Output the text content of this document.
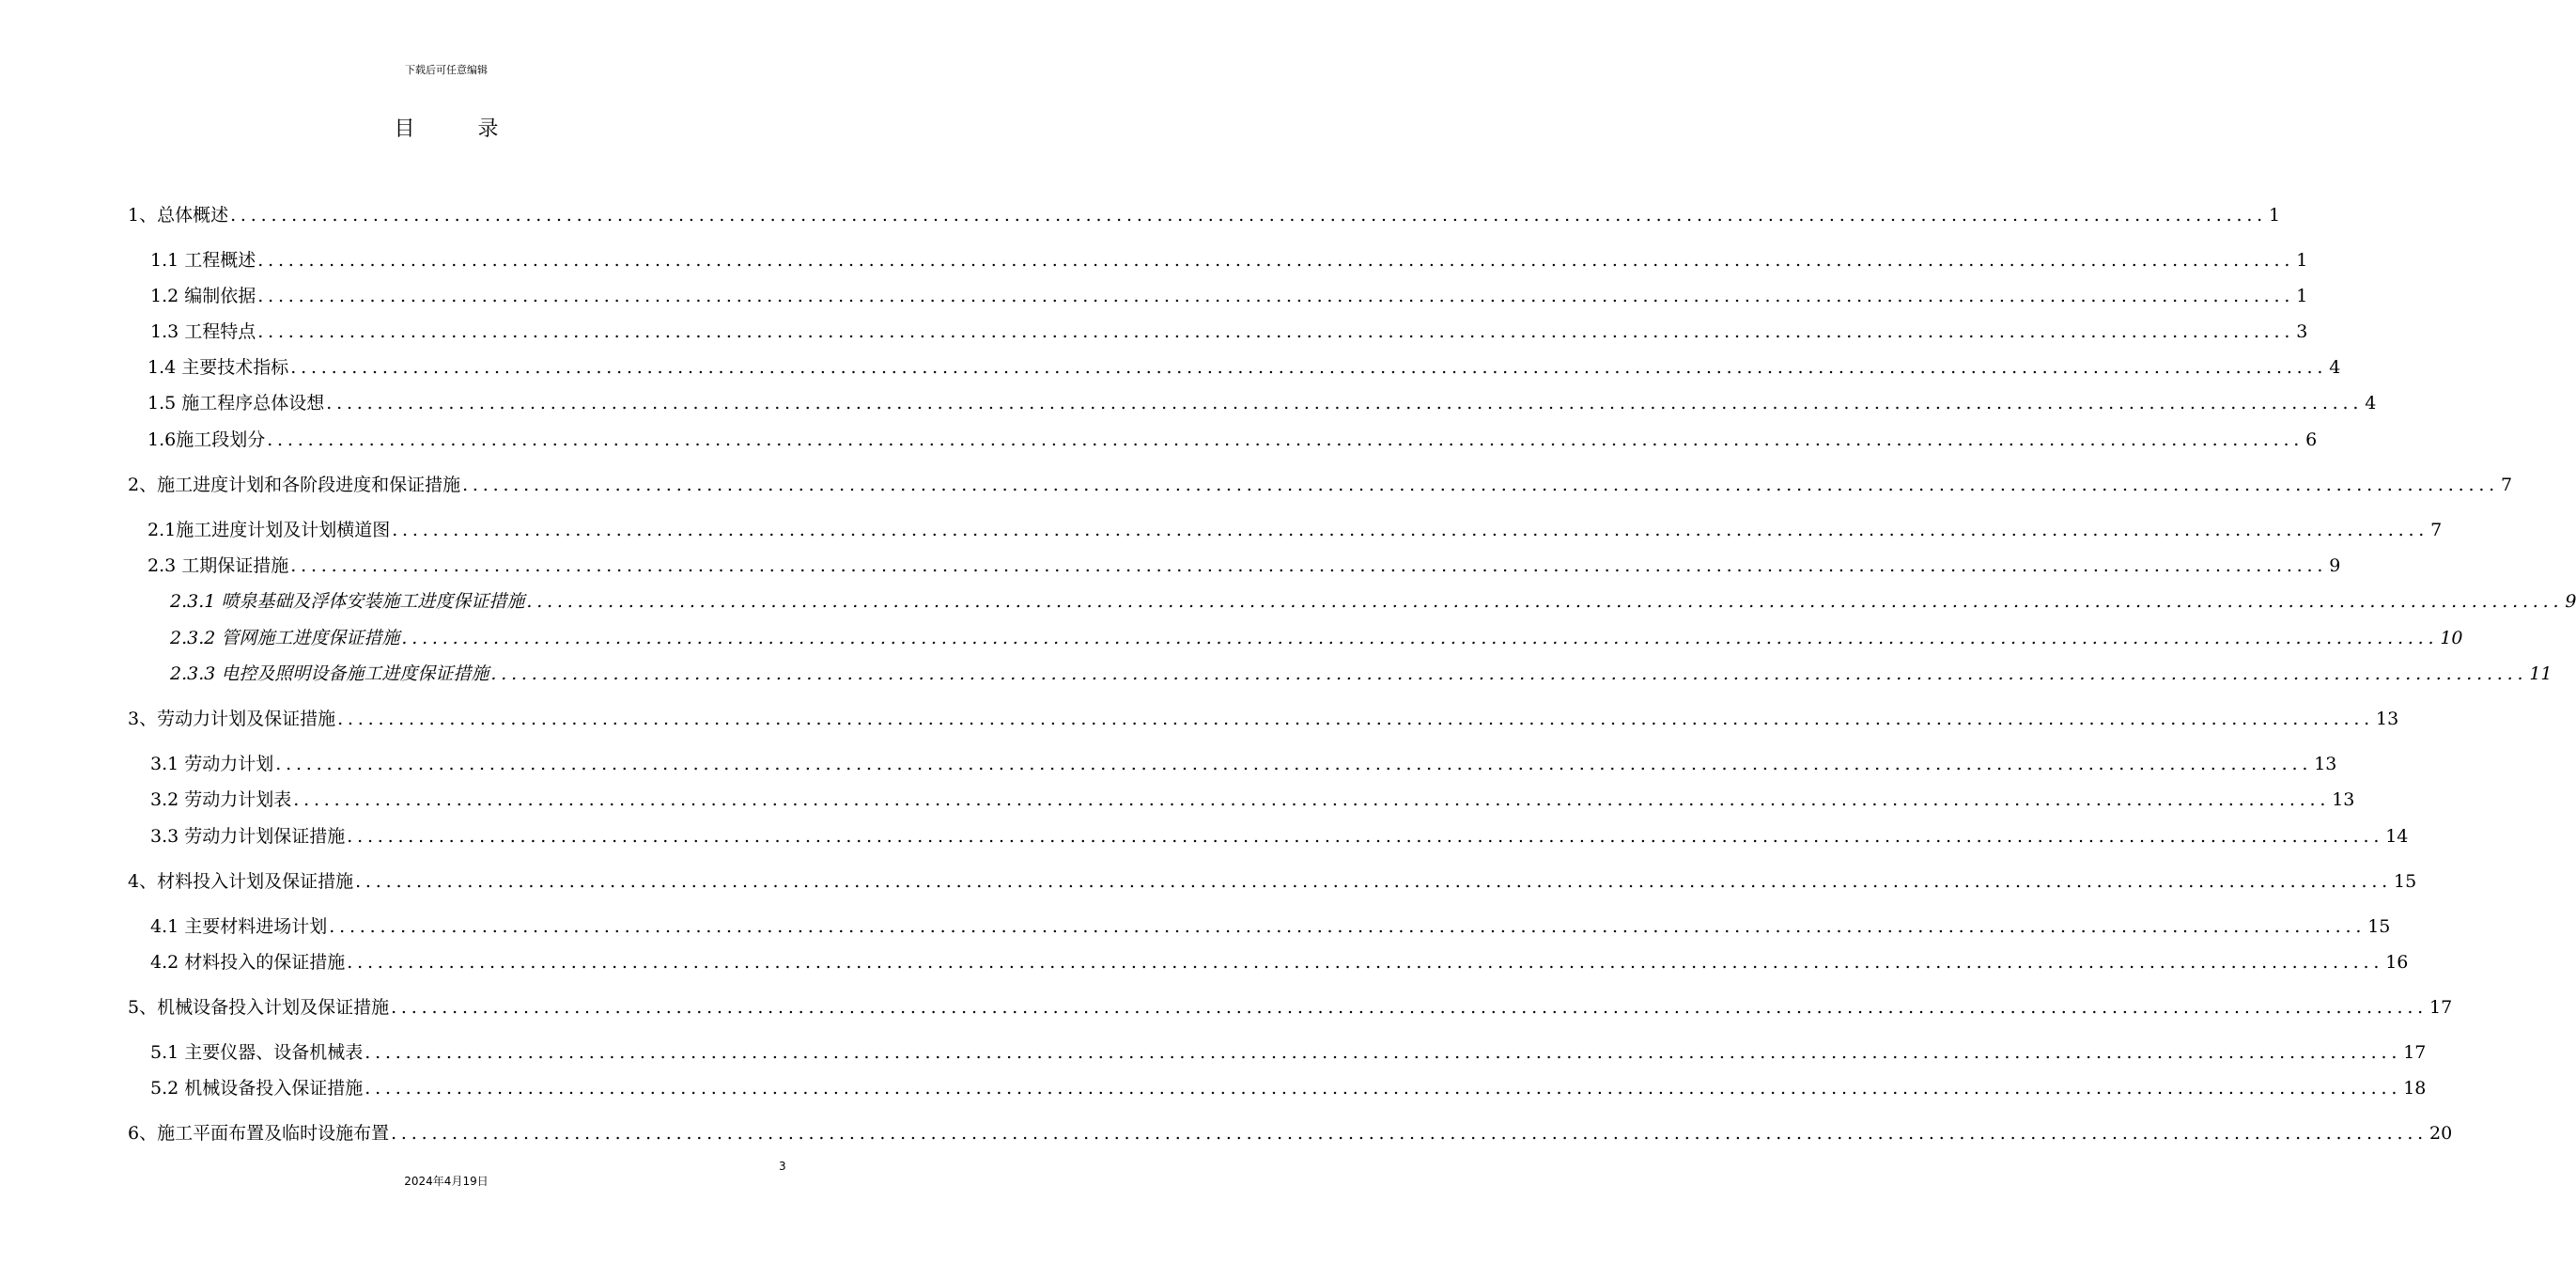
下载后可任意编辑
目 录
1、总体概述 ........................................................................................................................................................................................................ 1
1.1 工程概述 ........................................................................................................................................................................................................ 1
1.2 编制依据 ........................................................................................................................................................................................................ 1
1.3 工程特点 ........................................................................................................................................................................................................ 3
1.4 主要技术指标 ........................................................................................................................................................................................................ 4
1.5 施工程序总体设想 ........................................................................................................................................................................................................ 4
1.6施工段划分 ........................................................................................................................................................................................................ 6
2、施工进度计划和各阶段进度和保证措施 ........................................................................................................................................................................................................ 7
2.1施工进度计划及计划横道图 ........................................................................................................................................................................................................ 7
2.3 工期保证措施 ........................................................................................................................................................................................................ 9
2.3.1 喷泉基础及浮体安装施工进度保证措施 ........................................................................................................................................................................................................ 9
2.3.2 管网施工进度保证措施 ........................................................................................................................................................................................................ 10
2.3.3 电控及照明设备施工进度保证措施 ........................................................................................................................................................................................................ 11
3、劳动力计划及保证措施 ........................................................................................................................................................................................................ 13
3.1 劳动力计划 ........................................................................................................................................................................................................ 13
3.2 劳动力计划表 ........................................................................................................................................................................................................ 13
3.3 劳动力计划保证措施 ........................................................................................................................................................................................................ 14
4、材料投入计划及保证措施 ........................................................................................................................................................................................................ 15
4.1 主要材料进场计划 ........................................................................................................................................................................................................ 15
4.2 材料投入的保证措施 ........................................................................................................................................................................................................ 16
5、机械设备投入计划及保证措施 ........................................................................................................................................................................................................ 17
5.1 主要仪器、设备机械表 ........................................................................................................................................................................................................ 17
5.2 机械设备投入保证措施 ........................................................................................................................................................................................................ 18
6、施工平面布置及临时设施布置 ........................................................................................................................................................................................................ 20
3
2024年4月19日
